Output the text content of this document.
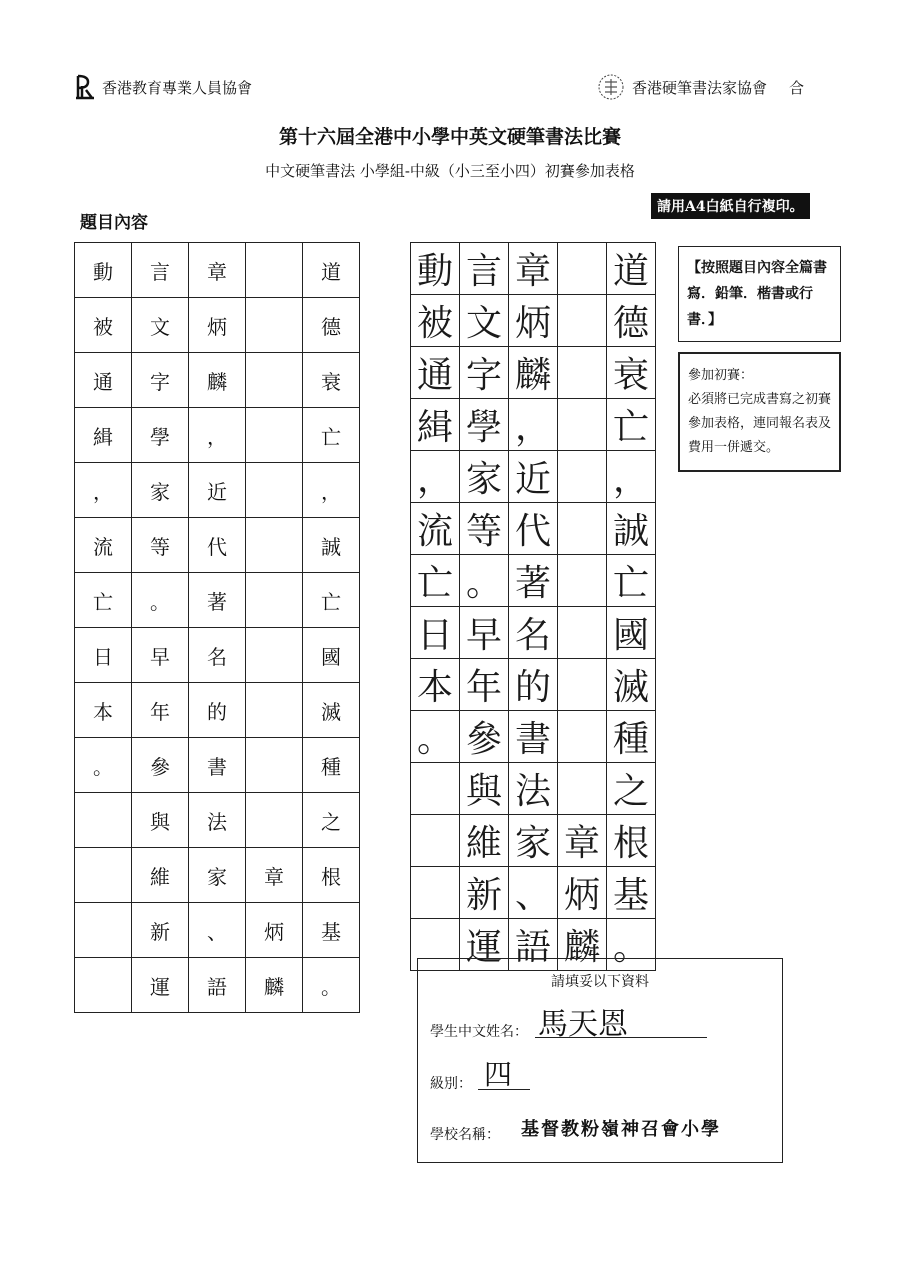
香港教育專業人員協會	香港硬筆書法家協會 合
第十六屆全港中小學中英文硬筆書法比賽
中文硬筆書法 小學組-中級（小三至小四）初賽參加表格
題目內容
請用A4白紙自行複印。
動	言	章		道
被	文	炳		德
通	字	麟		衰
緝	學	，		亡
，	家	近		，
流	等	代		誠
亡	。	著		亡
日	早	名		國
本	年	的		滅
。	參	書		種
	與	法		之
	維	家	章	根
	新	、	炳	基
	運	語	麟	。
動	言	章		道
被	文	炳		德
通	字	麟		衰
緝	學	，		亡
，	家	近		，
流	等	代		誠
亡	。	著		亡
日	早	名		國
本	年	的		滅
。	參	書		種
	與	法		之
	維	家	章	根
	新	、	炳	基
	運	語	麟	。
【按照題目內容全篇書寫．鉛筆．楷書或行書．】
參加初賽：
必須將已完成書寫之初賽參加表格，連同報名表及費用一併遞交。
請填妥以下資料
學生中文姓名： 馬天恩
級別： 四
學校名稱： 基督教粉嶺神召會小學
